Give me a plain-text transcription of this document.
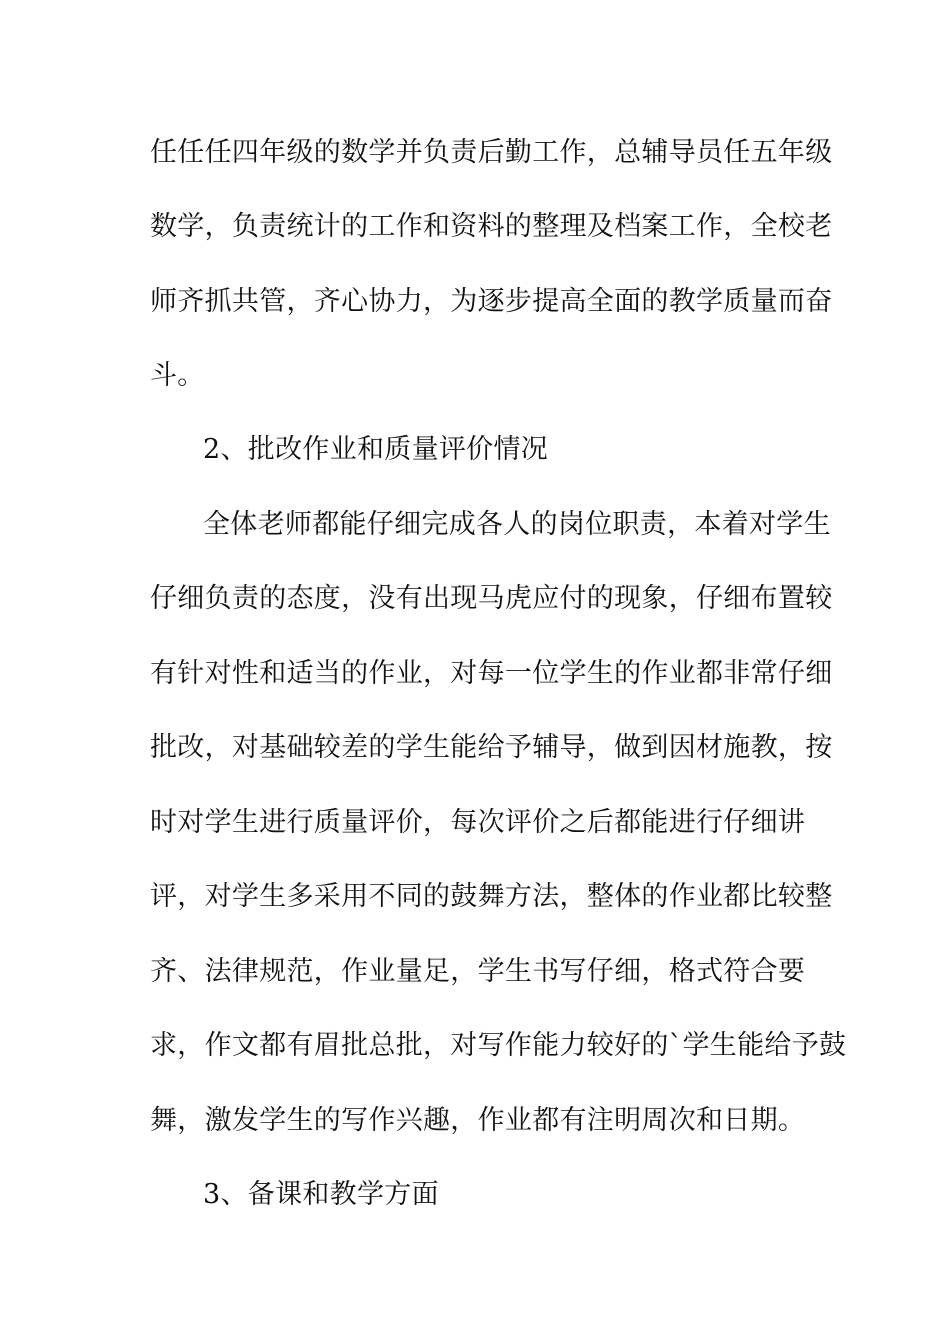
任任任四年级的数学并负责后勤工作，总辅导员任五年级
数学，负责统计的工作和资料的整理及档案工作，全校老
师齐抓共管，齐心协力，为逐步提高全面的教学质量而奋
斗。
2、批改作业和质量评价情况
全体老师都能仔细完成各人的岗位职责，本着对学生
仔细负责的态度，没有出现马虎应付的现象，仔细布置较
有针对性和适当的作业，对每一位学生的作业都非常仔细
批改，对基础较差的学生能给予辅导，做到因材施教，按
时对学生进行质量评价，每次评价之后都能进行仔细讲
评，对学生多采用不同的鼓舞方法，整体的作业都比较整
齐、法律规范，作业量足，学生书写仔细，格式符合要
求，作文都有眉批总批，对写作能力较好的`学生能给予鼓
舞，激发学生的写作兴趣，作业都有注明周次和日期。
3、备课和教学方面
